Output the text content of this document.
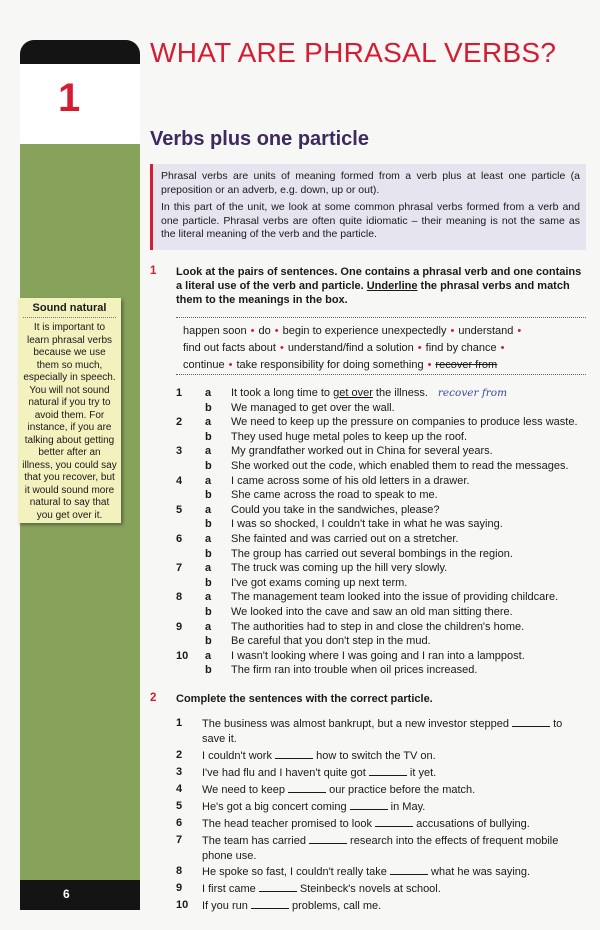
1
6
Sound natural
It is important to learn phrasal verbs because we use them so much, especially in speech. You will not sound natural if you try to avoid them. For instance, if you are talking about getting better after an illness, you could say that you recover, but it would sound more natural to say that you get over it.
WHAT ARE PHRASAL VERBS?
Verbs plus one particle

Phrasal verbs are units of meaning formed from a verb plus at least one particle (a preposition or an adverb, e.g. down, up or out).

In this part of the unit, we look at some common phrasal verbs formed from a verb and one particle. Phrasal verbs are often quite idiomatic – their meaning is not the same as the literal meaning of the verb and the particle.

1 Look at the pairs of sentences. One contains a phrasal verb and one contains a literal use of the verb and particle. Underline the phrasal verbs and match them to the meanings in the box.
happen soon • do • begin to experience unexpectedly • understand •
find out facts about • understand/find a solution • find by chance •
continue • take responsibility for doing something • recover from
1	a It took a long time to get over the illness. recover from
b We managed to get over the wall.
2	a We need to keep up the pressure on companies to produce less waste.
b They used huge metal poles to keep up the roof.
3	a My grandfather worked out in China for several years.
b She worked out the code, which enabled them to read the messages.
4	a I came across some of his old letters in a drawer.
b She came across the road to speak to me.
5	a Could you take in the sandwiches, please?
b I was so shocked, I couldn't take in what he was saying.
6	a She fainted and was carried out on a stretcher.
b The group has carried out several bombings in the region.
7	a The truck was coming up the hill very slowly.
b I've got exams coming up next term.
8	a The management team looked into the issue of providing childcare.
b We looked into the cave and saw an old man sitting there.
9	a The authorities had to step in and close the children's home.
b Be careful that you don't step in the mud.
10	a I wasn't looking where I was going and I ran into a lamppost.
b The firm ran into trouble when oil prices increased.
2 Complete the sentences with the correct particle.
1	The business was almost bankrupt, but a new investor stepped	to save it.
2	I couldn't work	how to switch the TV on.
3	I've had flu and I haven't quite got	it yet.
4	We need to keep	our practice before the match.
5	He's got a big concert coming	in May.
6	The head teacher promised to look	accusations of bullying.
7	The team has carried	research into the effects of frequent mobile phone use.
8	He spoke so fast, I couldn't really take	what he was saying.
9	I first came	Steinbeck's novels at school.
10	If you run	problems, call me.
